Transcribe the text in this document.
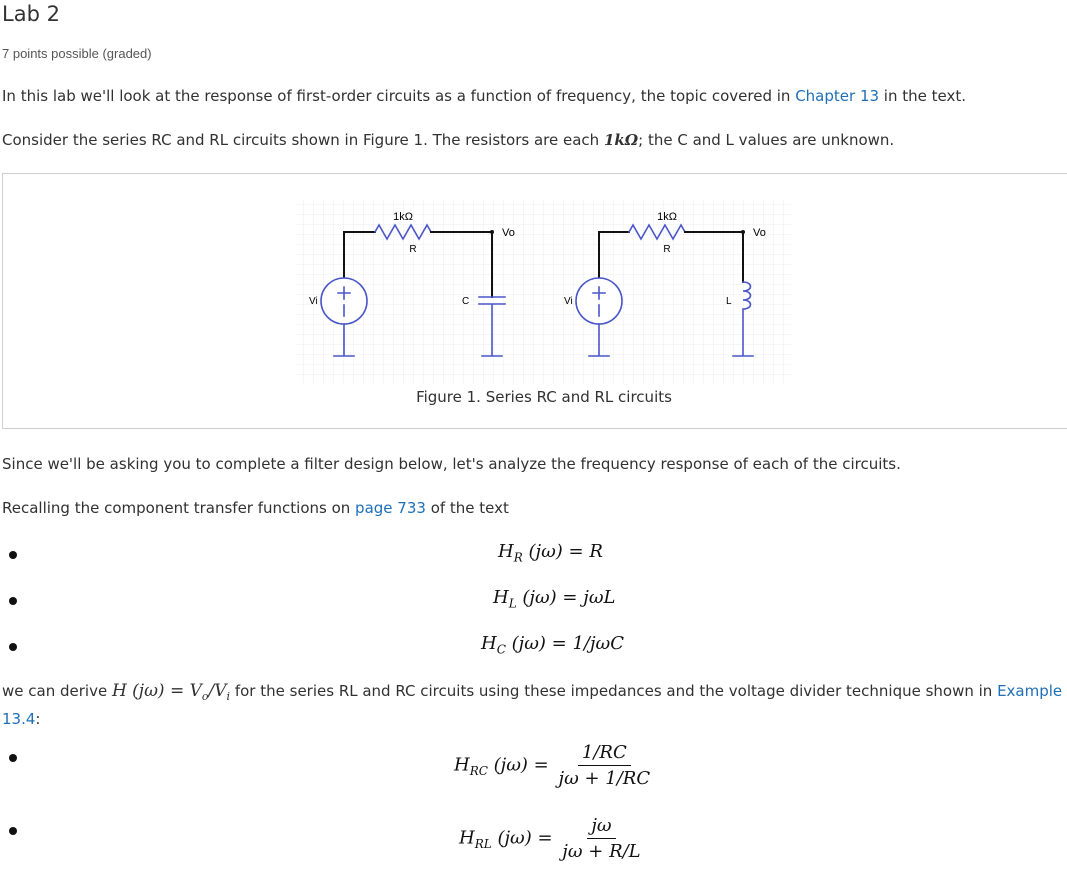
Lab 2
7 points possible (graded)
In this lab we'll look at the response of first-order circuits as a function of frequency, the topic covered in Chapter 13 in the text.
Consider the series RC and RL circuits shown in Figure 1. The resistors are each 1kΩ; the C and L values are unknown.
1kΩ
R
Vo
Vi	C
1kΩ
R
Vo
Vi	L
Figure 1. Series RC and RL circuits
Since we'll be asking you to complete a filter design below, let's analyze the frequency response of each of the circuits.
Recalling the component transfer functions on page 733 of the text
$H_R$ (jω) = R
$H_L$ (jω) = jωL
$H_C$ (jω) = 1/jωC
we can derive H $(j\omega) = V_o/V_i$ for the series RL and RC circuits using these impedances and the voltage divider technique shown in Example
13.4:
$H_{RC}$ $(j\omega) = \frac{1/RC}{j\omega + 1/RC}$
$H_{RL}$ $(j\omega) = \frac{j\omega}{j\omega + R/L}$
